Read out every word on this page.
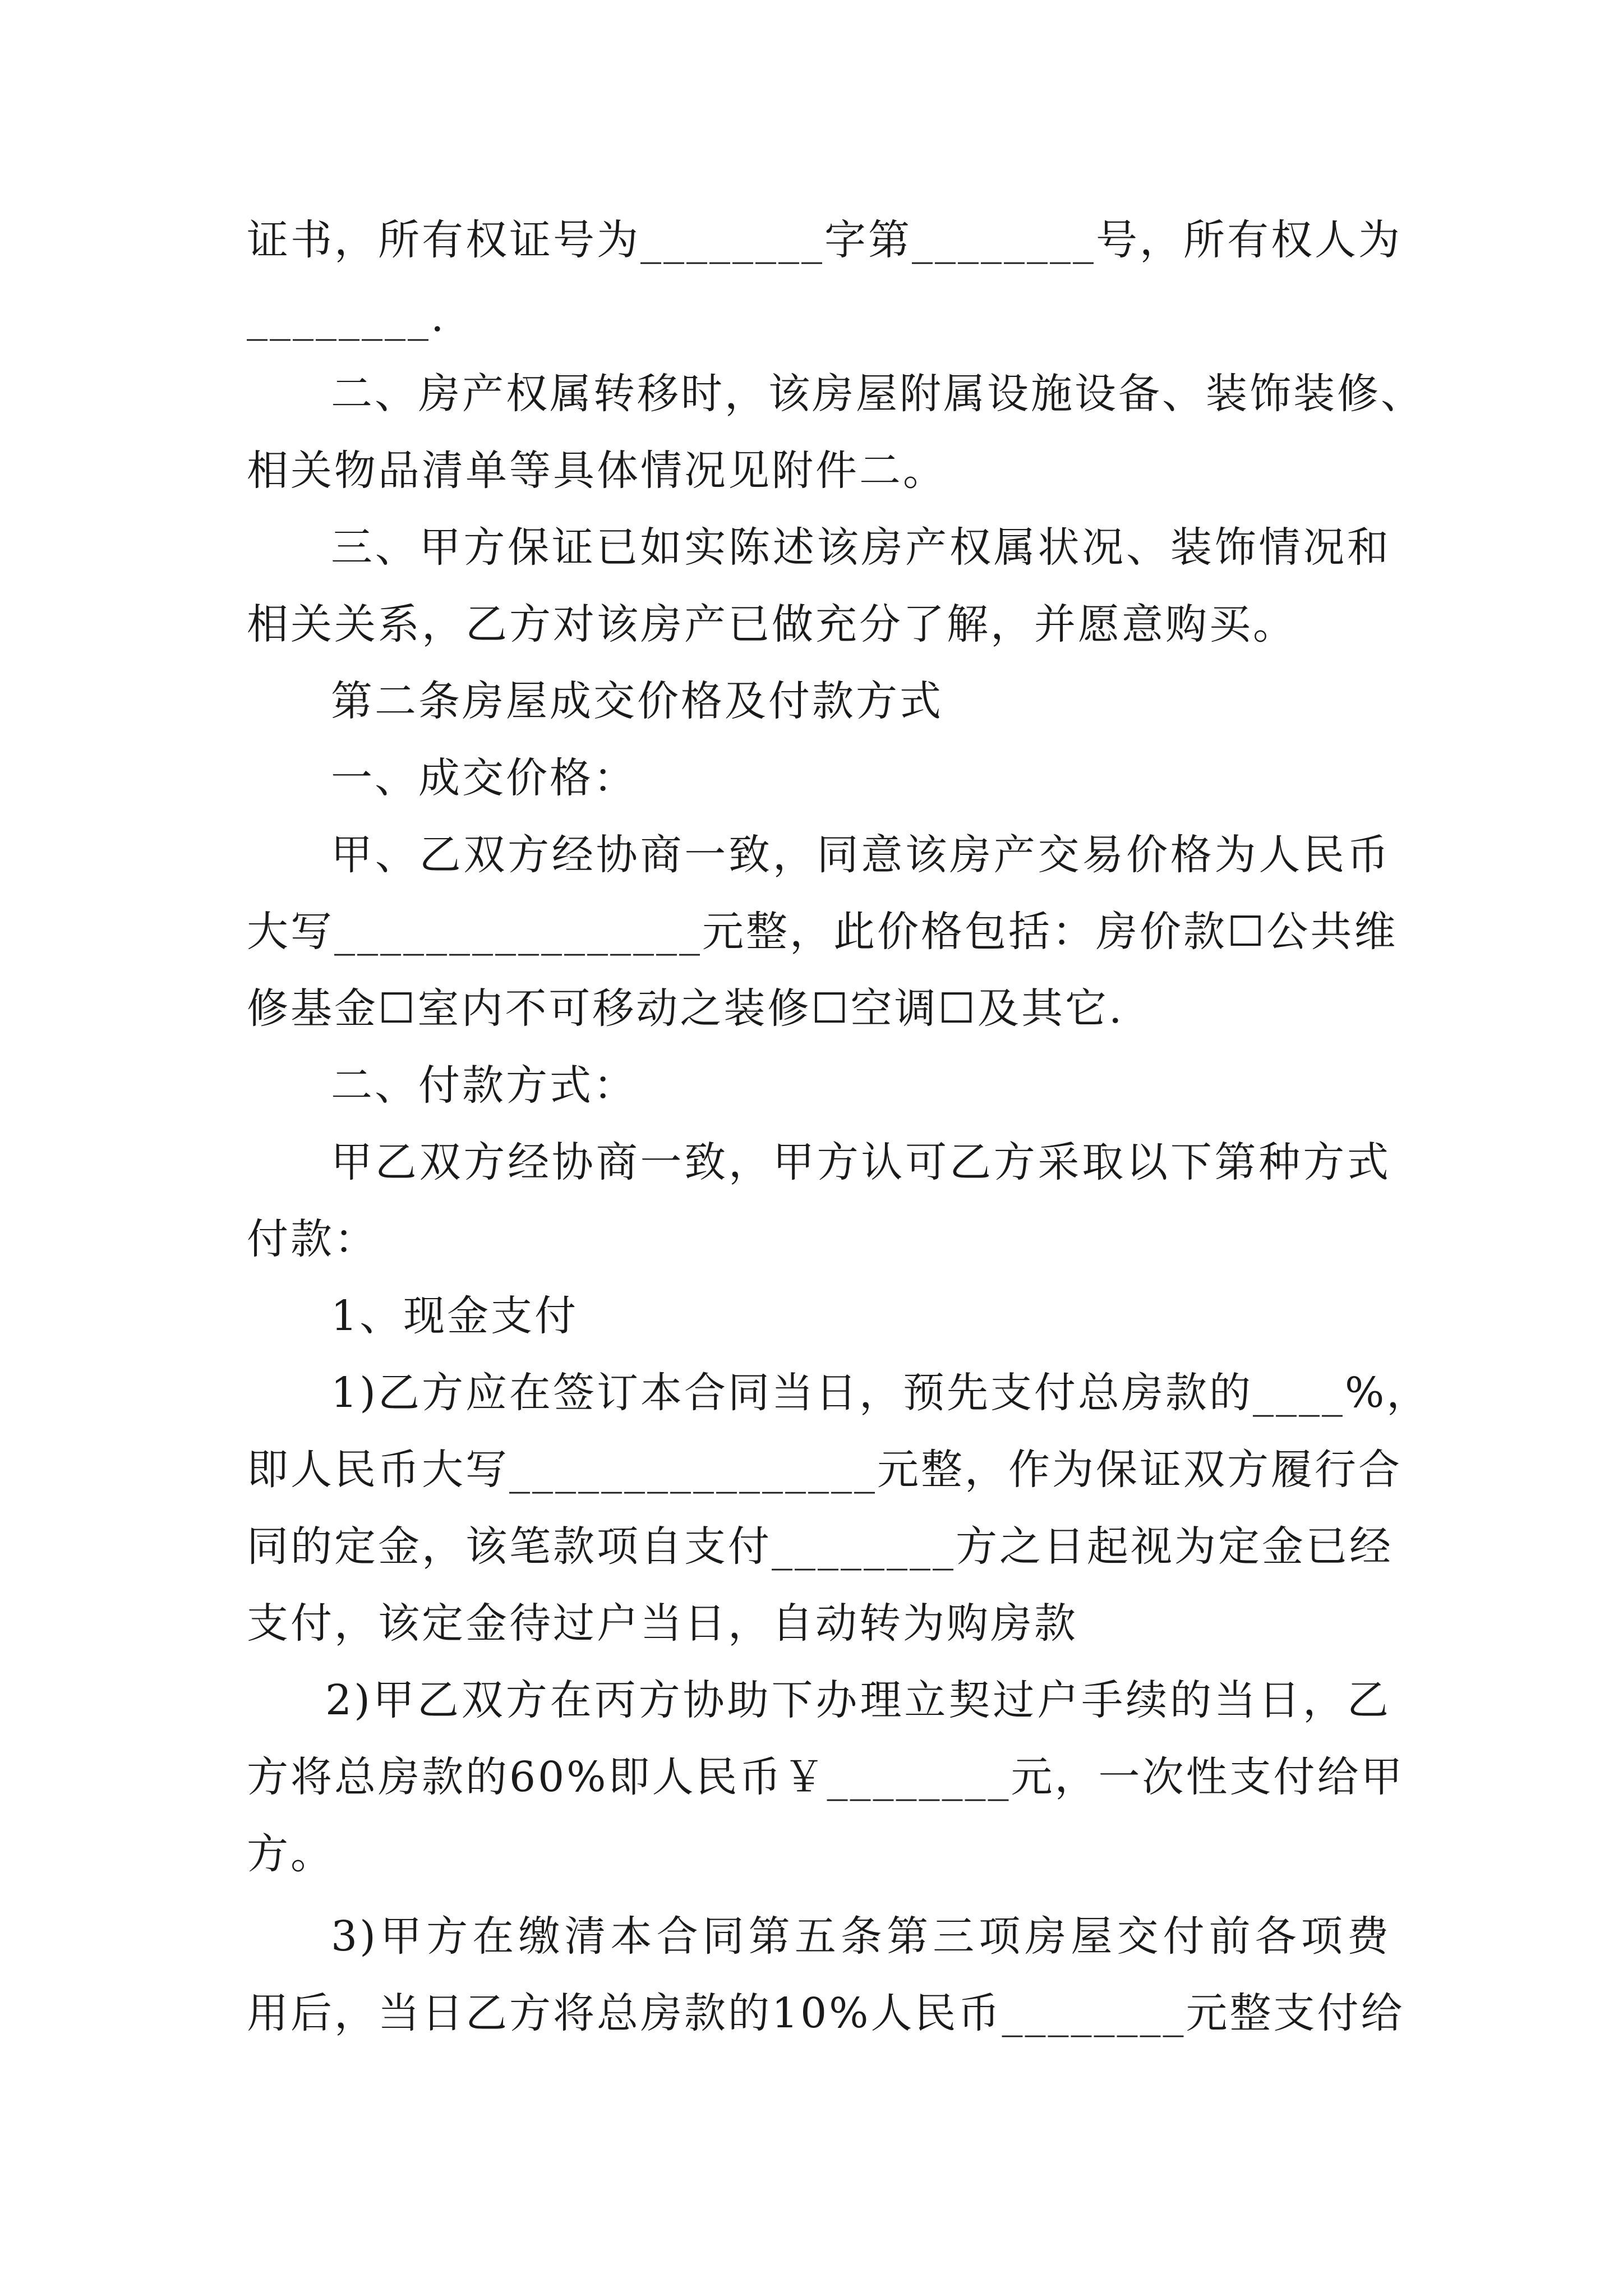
证书，所有权证号为________字第________号，所有权人为
________.
二、房产权属转移时，该房屋附属设施设备、装饰装修、
相关物品清单等具体情况见附件二。
三、甲方保证已如实陈述该房产权属状况、装饰情况和
相关关系，乙方对该房产已做充分了解，并愿意购买。
第二条房屋成交价格及付款方式
一、成交价格：
甲、乙双方经协商一致，同意该房产交易价格为人民币
大写________________元整，此价格包括：房价款☐公共维
修基金☐室内不可移动之装修☐空调☐及其它.
二、付款方式：
甲乙双方经协商一致，甲方认可乙方采取以下第种方式
付款：
1、现金支付
1)乙方应在签订本合同当日，预先支付总房款的____%，
即人民币大写________________元整，作为保证双方履行合
同的定金，该笔款项自支付________方之日起视为定金已经
支付，该定金待过户当日，自动转为购房款
2)甲乙双方在丙方协助下办理立契过户手续的当日，乙
方将总房款的60%即人民币￥________元，一次性支付给甲
方。
3)甲方在缴清本合同第五条第三项房屋交付前各项费
用后，当日乙方将总房款的10%人民币________元整支付给
